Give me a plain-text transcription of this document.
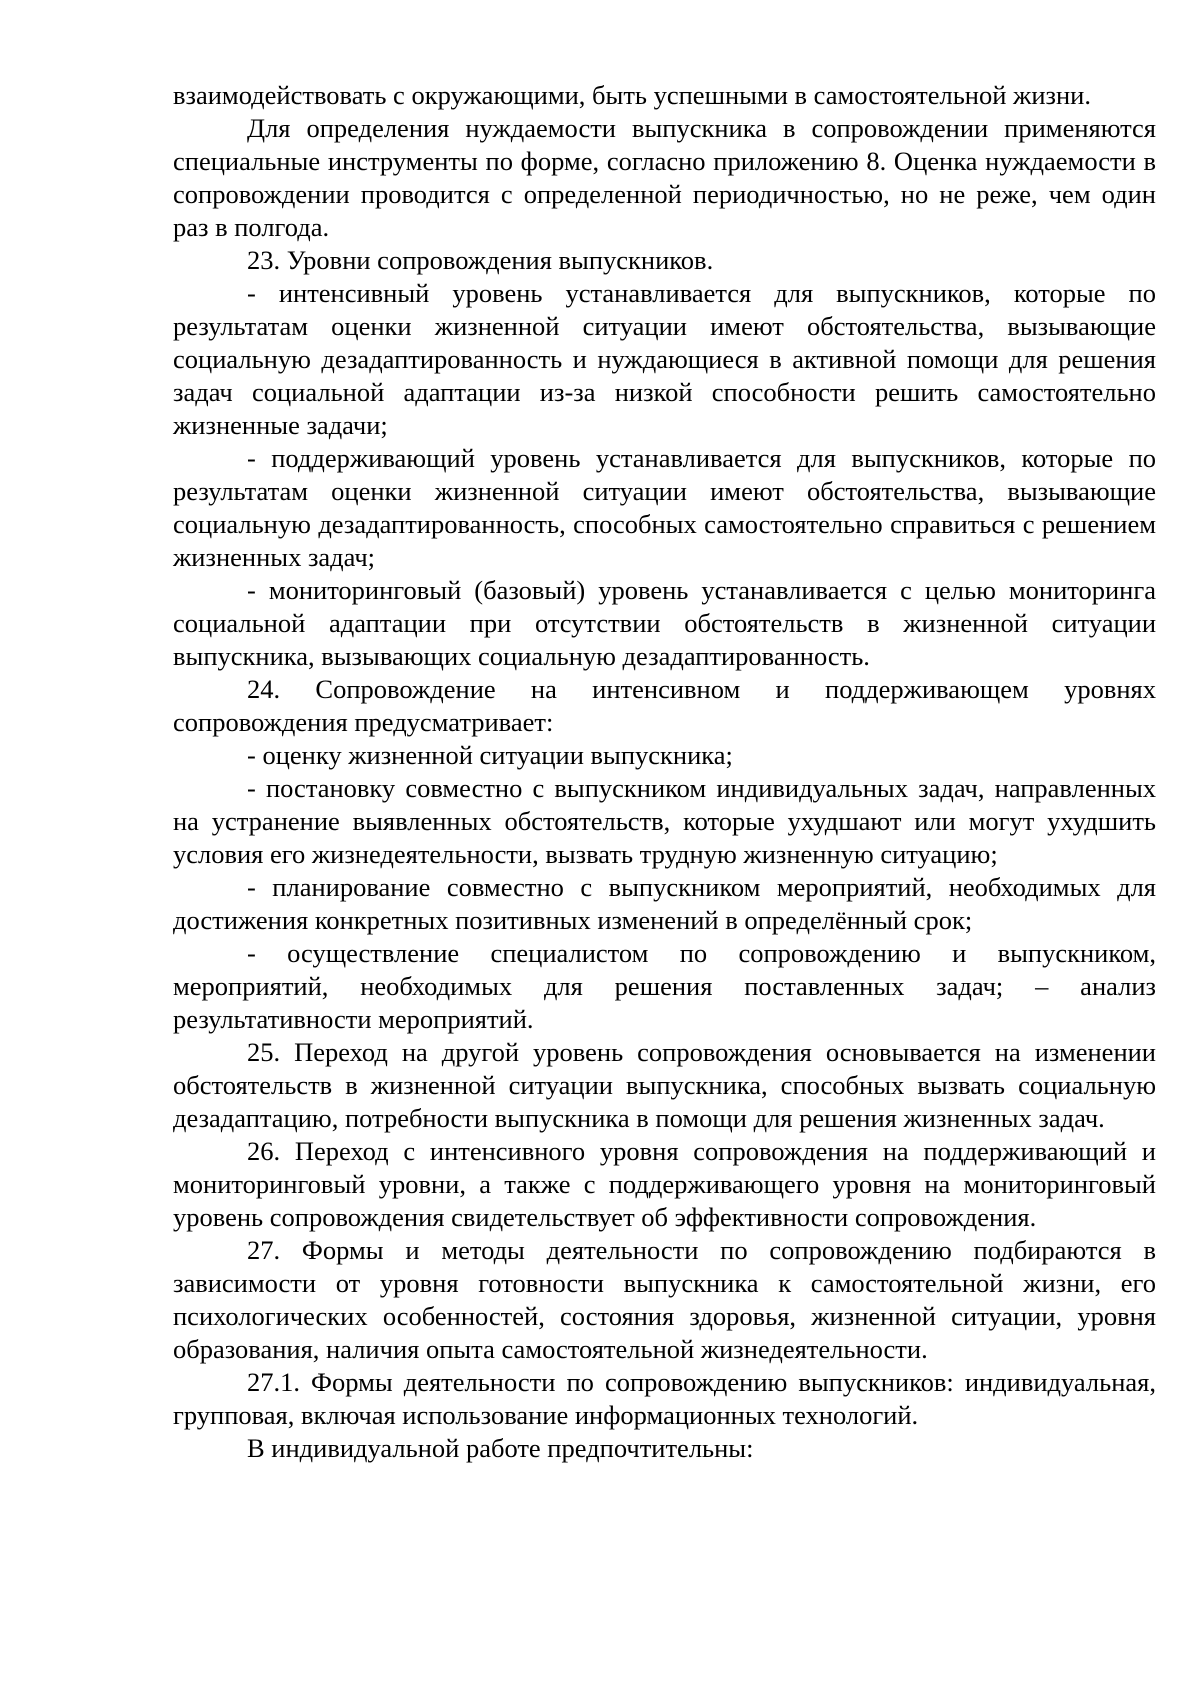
взаимодействовать с окружающими, быть успешными в самостоятельной жизни.

Для определения нуждаемости выпускника в сопровождении применяются специальные инструменты по форме, согласно приложению 8. Оценка нуждаемости в сопровождении проводится с определенной периодичностью, но не реже, чем один раз в полгода.

23. Уровни сопровождения выпускников.

- интенсивный уровень устанавливается для выпускников, которые по результатам оценки жизненной ситуации имеют обстоятельства, вызывающие социальную дезадаптированность и нуждающиеся в активной помощи для решения задач социальной адаптации из-за низкой способности решить самостоятельно жизненные задачи;

- поддерживающий уровень устанавливается для выпускников, которые по результатам оценки жизненной ситуации имеют обстоятельства, вызывающие социальную дезадаптированность, способных самостоятельно справиться с решением жизненных задач;

- мониторинговый (базовый) уровень устанавливается с целью мониторинга социальной адаптации при отсутствии обстоятельств в жизненной ситуации выпускника, вызывающих социальную дезадаптированность.

24. Сопровождение на интенсивном и поддерживающем уровнях сопровождения предусматривает:

- оценку жизненной ситуации выпускника;

- постановку совместно с выпускником индивидуальных задач, направленных на устранение выявленных обстоятельств, которые ухудшают или могут ухудшить условия его жизнедеятельности, вызвать трудную жизненную ситуацию;

- планирование совместно с выпускником мероприятий, необходимых для достижения конкретных позитивных изменений в определённый срок;

- осуществление специалистом по сопровождению и выпускником, мероприятий, необходимых для решения поставленных задач; – анализ результативности мероприятий.

25. Переход на другой уровень сопровождения основывается на изменении обстоятельств в жизненной ситуации выпускника, способных вызвать социальную дезадаптацию, потребности выпускника в помощи для решения жизненных задач.

26. Переход с интенсивного уровня сопровождения на поддерживающий и мониторинговый уровни, а также с поддерживающего уровня на мониторинговый уровень сопровождения свидетельствует об эффективности сопровождения.

27. Формы и методы деятельности по сопровождению подбираются в зависимости от уровня готовности выпускника к самостоятельной жизни, его психологических особенностей, состояния здоровья, жизненной ситуации, уровня образования, наличия опыта самостоятельной жизнедеятельности.

27.1. Формы деятельности по сопровождению выпускников: индивидуальная, групповая, включая использование информационных технологий.

В индивидуальной работе предпочтительны:
